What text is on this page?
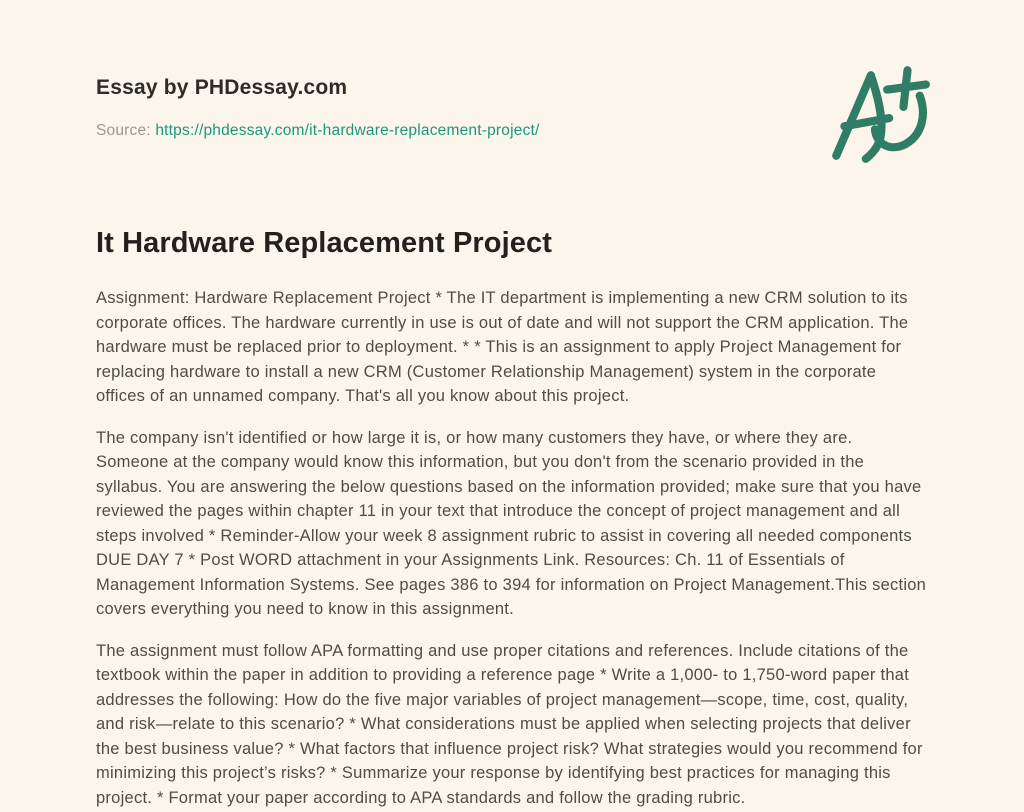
Essay by PHDessay.com

Source: https://phdessay.com/it-hardware-replacement-project/

It Hardware Replacement Project

Assignment: Hardware Replacement Project * The IT department is implementing a new CRM solution to its corporate offices. The hardware currently in use is out of date and will not support the CRM application. The hardware must be replaced prior to deployment. * * This is an assignment to apply Project Management for replacing hardware to install a new CRM (Customer Relationship Management) system in the corporate offices of an unnamed company. That's all you know about this project.

The company isn't identified or how large it is, or how many customers they have, or where they are. Someone at the company would know this information, but you don't from the scenario provided in the syllabus. You are answering the below questions based on the information provided; make sure that you have reviewed the pages within chapter 11 in your text that introduce the concept of project management and all steps involved * Reminder-Allow your week 8 assignment rubric to assist in covering all needed components DUE DAY 7 * Post WORD attachment in your Assignments Link. Resources: Ch. 11 of Essentials of Management Information Systems. See pages 386 to 394 for information on Project Management.This section covers everything you need to know in this assignment.

The assignment must follow APA formatting and use proper citations and references. Include citations of the textbook within the paper in addition to providing a reference page * Write a 1,000- to 1,750-word paper that addresses the following: How do the five major variables of project management—scope, time, cost, quality, and risk—relate to this scenario? * What considerations must be applied when selecting projects that deliver the best business value? * What factors that influence project risk? What strategies would you recommend for minimizing this project’s risks? * Summarize your response by identifying best practices for managing this project. * Format your paper according to APA standards and follow the grading rubric.
